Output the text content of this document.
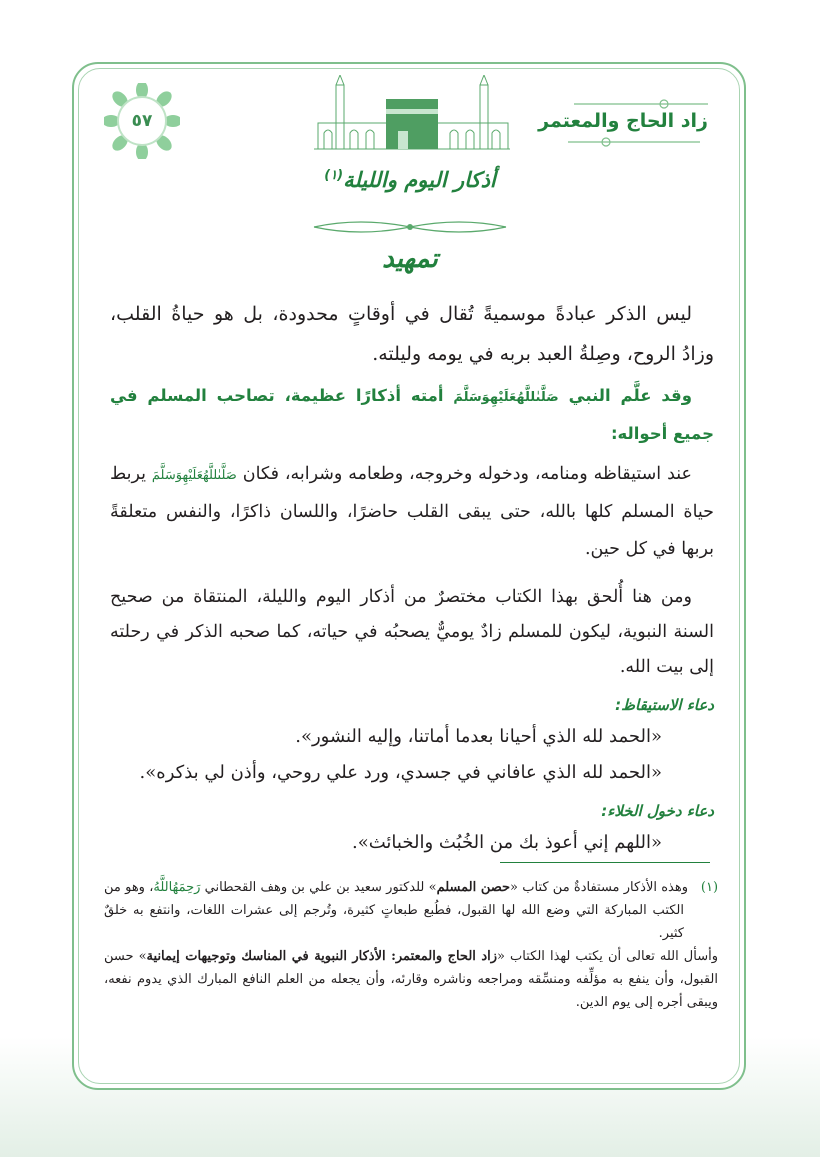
٥٧	زاد الحاج والمعتمر
أذكار اليوم والليلة$^{(١)}$
تمهيد

ليس الذكر عبادةً موسميةً تُقال في أوقاتٍ محدودة، بل هو حياةُ القلب، وزادُ الروح، وصِلةُ العبد بربه في يومه وليلته.

وقد علَّم النبي صَلَّىٰللَّهُعَلَيْهِوَسَلَّمَ أمته أذكارًا عظيمة، تصاحب المسلم في جميع أحواله:

عند استيقاظه ومنامه، ودخوله وخروجه، وطعامه وشرابه، فكان صَلَّىٰللَّهُعَلَيْهِوَسَلَّمَ يربط حياة المسلم كلها بالله، حتى يبقى القلب حاضرًا، واللسان ذاكرًا، والنفس متعلقةً بربها في كل حين.

ومن هنا أُلحق بهذا الكتاب مختصرٌ من أذكار اليوم والليلة، المنتقاة من صحيح السنة النبوية، ليكون للمسلم زادٌ يوميٌّ يصحبُه في حياته، كما صحبه الذكر في رحلته إلى بيت الله.

دعاء الاستيقاظ:

«الحمد لله الذي أحيانا بعدما أماتنا، وإليه النشور».

«الحمد لله الذي عافاني في جسدي، ورد علي روحي، وأذن لي بذكره».

دعاء دخول الخلاء:

«اللهم إني أعوذ بك من الخُبُث والخبائث».

(١)وهذه الأذكار مستفادةٌ من كتاب «حصن المسلم» للدكتور سعيد بن علي بن وهف القحطاني رَحِمَهُاللَّهُ، وهو من الكتب المباركة التي وضع الله لها القبول، فطُبع طبعاتٍ كثيرة، وتُرجم إلى عشرات اللغات، وانتفع به خلقٌ كثير.

وأسأل الله تعالى أن يكتب لهذا الكتاب «زاد الحاج والمعتمر: الأذكار النبوية في المناسك وتوجيهات إيمانية» حسن القبول، وأن ينفع به مؤلِّفه ومنسِّقه ومراجعه وناشره وقارئه، وأن يجعله من العلم النافع المبارك الذي يدوم نفعه، ويبقى أجره إلى يوم الدين.
